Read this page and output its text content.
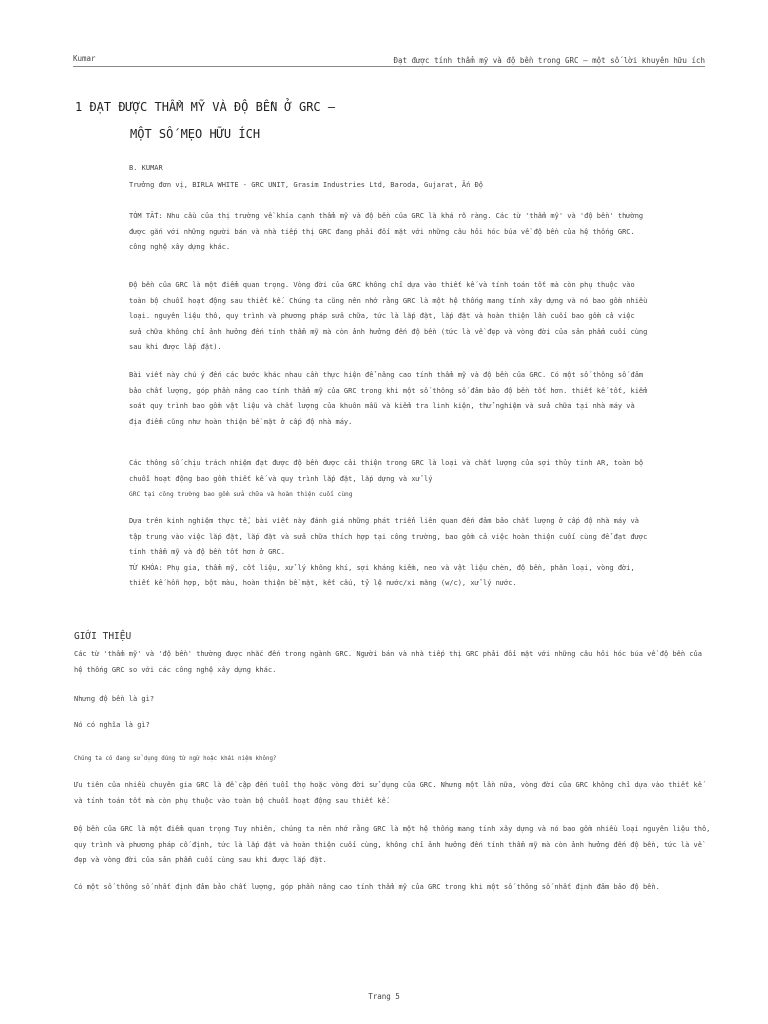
Kumar	Đạt được tính thẩm mỹ và độ bền trong GRC – một số lời khuyên hữu ích
1 ĐẠT ĐƯỢC THẨM MỸ VÀ ĐỘ BỀN Ở GRC –
MỘT SỐ MẸO HỮU ÍCH
B. KUMAR
Trưởng đơn vị, BIRLA WHITE - GRC UNIT, Grasim Industries Ltd, Baroda, Gujarat, Ấn Độ

TÓM TẮT: Nhu cầu của thị trường về khía cạnh thẩm mỹ và độ bền của GRC là khá rõ ràng. Các từ 'thẩm mỹ' và 'độ bền' thường được gắn với những người bán và nhà tiếp thị GRC đang phải đối mặt với những câu hỏi hóc búa về độ bền của hệ thống GRC. công nghệ xây dựng khác.

Độ bền của GRC là một điểm quan trọng. Vòng đời của GRC không chỉ dựa vào thiết kế và tính toán tốt mà còn phụ thuộc vào toàn bộ chuỗi hoạt động sau thiết kế. Chúng ta cũng nên nhớ rằng GRC là một hệ thống mang tính xây dựng và nó bao gồm nhiều loại. nguyên liệu thô, quy trình và phương pháp sửa chữa, tức là lắp đặt, lắp đặt và hoàn thiện lần cuối bao gồm cả việc sửa chữa không chỉ ảnh hưởng đến tính thẩm mỹ mà còn ảnh hưởng đến độ bền (tức là về đẹp và vòng đời của sản phẩm cuối cùng sau khi được lắp đặt).

Bài viết này chú ý đến các bước khác nhau cần thực hiện để nâng cao tính thẩm mỹ và độ bền của GRC. Có một số thông số đảm bảo chất lượng, góp phần nâng cao tính thẩm mỹ của GRC trong khi một số thông số đảm bảo độ bền tốt hơn. thiết kế tốt, kiểm soát quy trình bao gồm vật liệu và chất lượng của khuôn mẫu và kiểm tra linh kiện, thử nghiệm và sửa chữa tại nhà máy và địa điểm cũng như hoàn thiện bề mặt ở cấp độ nhà máy.

Các thông số chịu trách nhiệm đạt được độ bền được cải thiện trong GRC là loại và chất lượng của sợi thủy tinh AR, toàn bộ chuỗi hoạt động bao gồm thiết kế và quy trình lắp đặt, lắp dựng và xử lý
GRC tại công trường bao gồm sửa chữa và hoàn thiện cuối cùng

Dựa trên kinh nghiệm thực tế, bài viết này đánh giá những phát triển liên quan đến đảm bảo chất lượng ở cấp độ nhà máy và tập trung vào việc lắp đặt, lắp đặt và sửa chữa thích hợp tại công trường, bao gồm cả việc hoàn thiện cuối cùng để đạt được tính thẩm mỹ và độ bền tốt hơn ở GRC.
TỪ KHÓA: Phụ gia, thẩm mỹ, cốt liệu, xử lý không khí, sợi kháng kiềm, neo và vật liệu chèn, độ bền, phân loại, vòng đời, thiết kế hỗn hợp, bột màu, hoàn thiện bề mặt, kết cấu, tỷ lệ nước/xi măng (w/c), xử lý nước.
GIỚI THIỆU

Các từ 'thẩm mỹ' và 'độ bền' thường được nhắc đến trong ngành GRC. Người bán và nhà tiếp thị GRC phải đối mặt với những câu hỏi hóc búa về độ bền của hệ thống GRC so với các công nghệ xây dựng khác.

Nhưng độ bền là gì?

Nó có nghĩa là gì?

Chúng ta có đang sử dụng đúng từ ngữ hoặc khái niệm không?

Ưu tiên của nhiều chuyên gia GRC là đề cập đến tuổi thọ hoặc vòng đời sử dụng của GRC. Nhưng một lần nữa, vòng đời của GRC không chỉ dựa vào thiết kế và tính toán tốt mà còn phụ thuộc vào toàn bộ chuỗi hoạt động sau thiết kế.

Độ bền của GRC là một điểm quan trọng Tuy nhiên, chúng ta nên nhớ rằng GRC là một hệ thống mang tính xây dựng và nó bao gồm nhiều loại nguyên liệu thô, quy trình và phương pháp cố định, tức là lắp đặt và hoàn thiện cuối cùng, không chỉ ảnh hưởng đến tính thẩm mỹ mà còn ảnh hưởng đến độ bền, tức là về đẹp và vòng đời của sản phẩm cuối cùng sau khi được lắp đặt.

Có một số thông số nhất định đảm bảo chất lượng, góp phần nâng cao tính thẩm mỹ của GRC trong khi một số thông số nhất định đảm bảo độ bền.

Trang 5
